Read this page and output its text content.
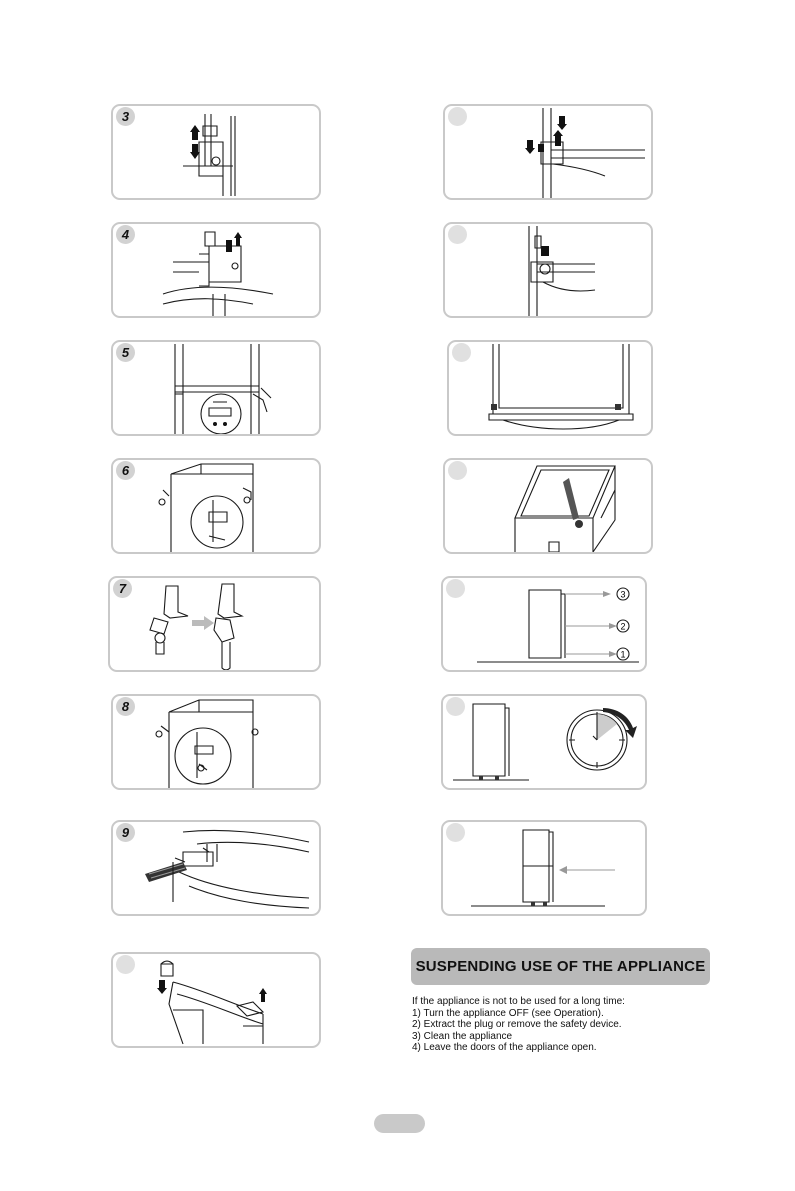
3
4
5
6
7
8
9
3
2
1
SUSPENDING USE OF THE APPLIANCE
If the appliance is not to be used for a long time:
1) Turn the appliance OFF (see Operation).
2) Extract the plug or remove the safety device.
3) Clean the appliance
4) Leave the doors of the appliance open.
